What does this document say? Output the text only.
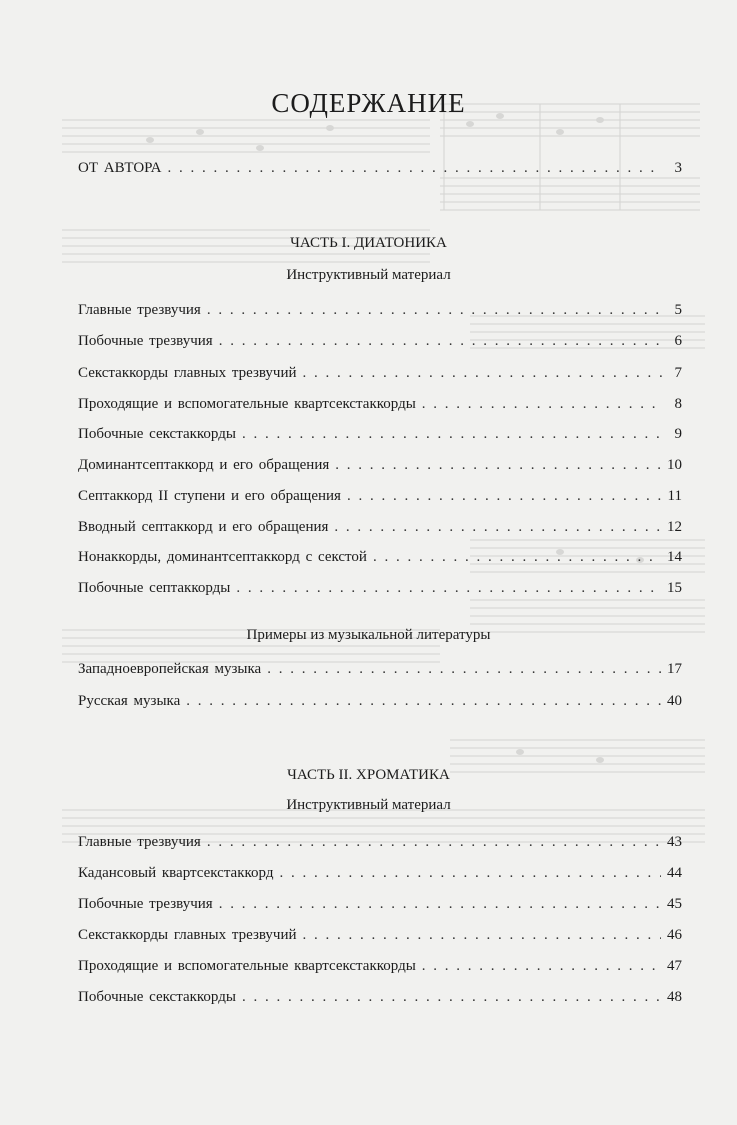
СОДЕРЖАНИЕ
ОТ АВТОРА . . .	3
ЧАСТЬ I. ДИАТОНИКА
Инструктивный материал
Главные трезвучия . . .	5
Побочные трезвучия . . .	6
Секстаккорды главных трезвучий . . .	7
Проходящие и вспомогательные квартсекстаккорды . . .	8
Побочные секстаккорды . . .	9
Доминантсептаккорд и его обращения . . .	10
Септаккорд II ступени и его обращения . . .	11
Вводный септаккорд и его обращения . . .	12
Нонаккорды, доминантсептаккорд с секстой . . .	14
Побочные септаккорды . . .	15
Примеры из музыкальной литературы
Западноевропейская музыка . . .	17
Русская музыка . . .	40
ЧАСТЬ II. ХРОМАТИКА
Инструктивный материал
Главные трезвучия . . .	43
Кадансовый квартсекстаккорд . . .	44
Побочные трезвучия . . .	45
Секстаккорды главных трезвучий . . .	46
Проходящие и вспомогательные квартсекстаккорды . . .	47
Побочные секстаккорды . . .	48
